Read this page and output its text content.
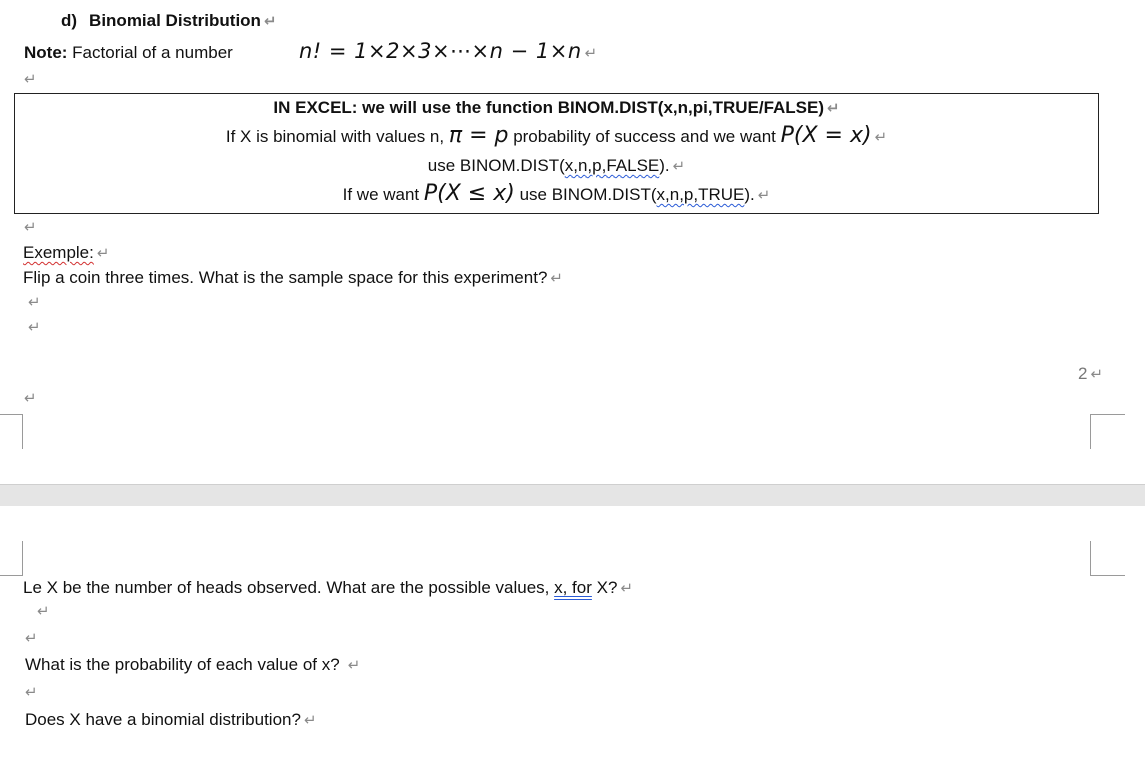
d) Binomial Distribution ↵
Note: Factorial of a number	n! = 1×2×3×⋯×n − 1×n ↵
↵
IN EXCEL: we will use the function BINOM.DIST(x,n,pi,TRUE/FALSE) ↵
If X is binomial with values n, π = p probability of success and we want P(X = x) ↵
use BINOM.DIST(x,n,p,FALSE). ↵
If we want P(X ≤ x) use BINOM.DIST(x,n,p,TRUE). ↵
↵
Exemple: ↵
Flip a coin three times. What is the sample space for this experiment? ↵
↵
↵
2 ↵
↵
Le X be the number of heads observed. What are the possible values, x, for X? ↵
↵
↵
What is the probability of each value of x? ↵
↵
Does X have a binomial distribution? ↵
